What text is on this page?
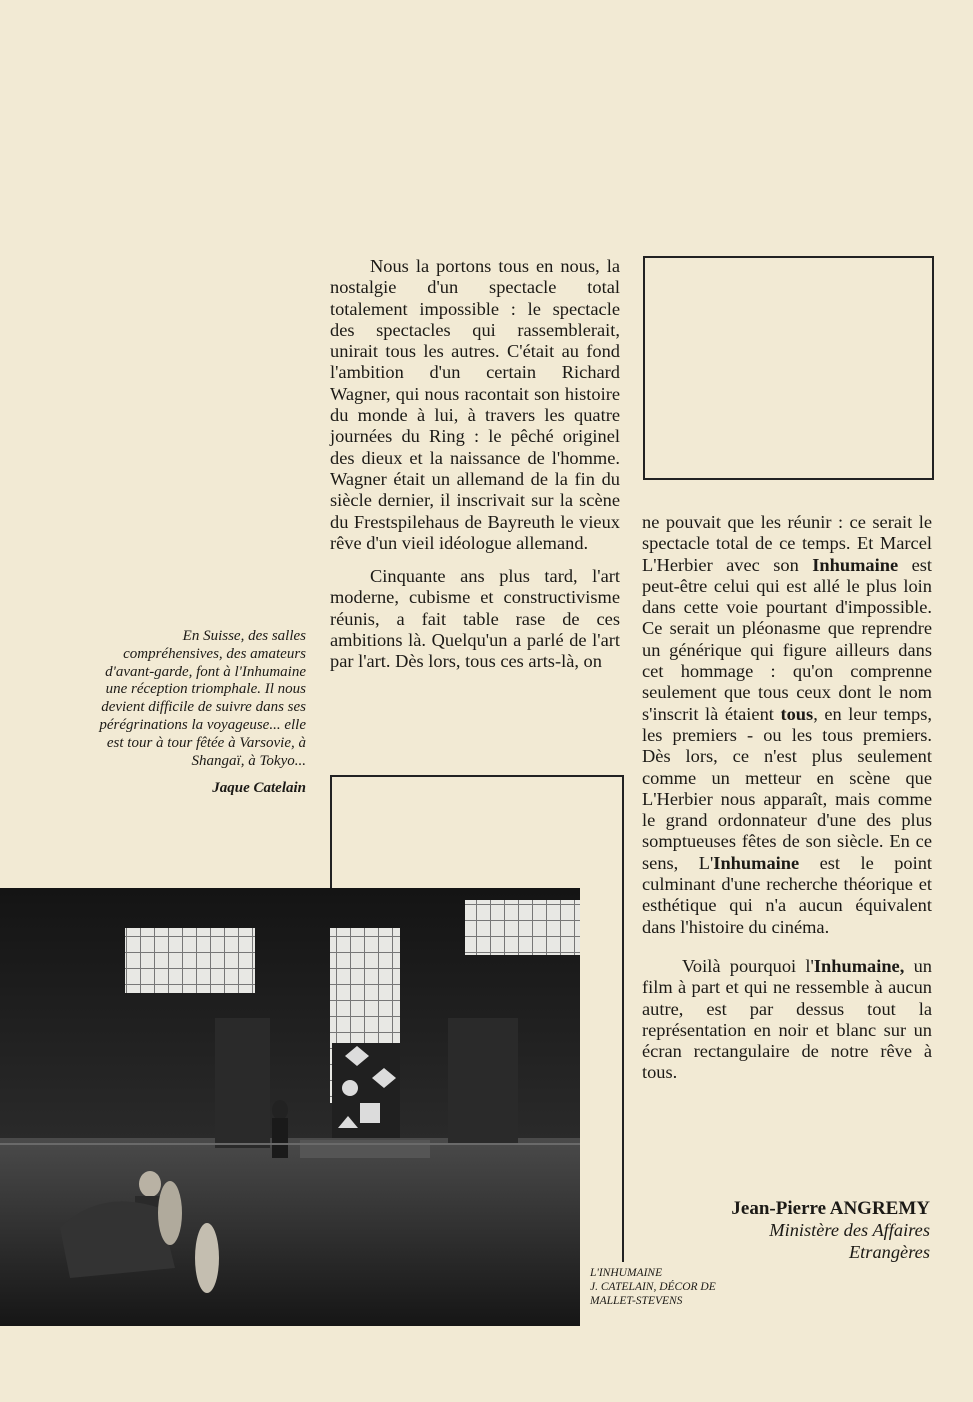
Nous la portons tous en nous, la nostalgie d'un spectacle total totalement impossible : le spectacle des spectacles qui rassemblerait, unirait tous les autres. C'était au fond l'ambition d'un certain Richard Wagner, qui nous racontait son histoire du monde à lui, à travers les quatre journées du Ring : le pêché originel des dieux et la naissance de l'homme. Wagner était un allemand de la fin du siècle dernier, il inscrivait sur la scène du Frestspilehaus de Bayreuth le vieux rêve d'un vieil idéologue allemand.

Cinquante ans plus tard, l'art moderne, cubisme et constructivisme réunis, a fait table rase de ces ambitions là. Quelqu'un a parlé de l'art par l'art. Dès lors, tous ces arts-là, on

ne pouvait que les réunir : ce serait le spectacle total de ce temps. Et Marcel L'Herbier avec son Inhumaine est peut-être celui qui est allé le plus loin dans cette voie pourtant d'impossible. Ce serait un pléonasme que reprendre un générique qui figure ailleurs dans cet hommage : qu'on comprenne seulement que tous ceux dont le nom s'inscrit là étaient tous, en leur temps, les premiers - ou les tous premiers. Dès lors, ce n'est plus seulement comme un metteur en scène que L'Herbier nous apparaît, mais comme le grand ordonnateur d'une des plus somptueuses fêtes de son siècle. En ce sens, L'Inhumaine est le point culminant d'une recherche théorique et esthétique qui n'a aucun équivalent dans l'histoire du cinéma.

Voilà pourquoi l'Inhumaine, un film à part et qui ne ressemble à aucun autre, est par dessus tout la représentation en noir et blanc sur un écran rectangulaire de notre rêve à tous.

Jean-Pierre ANGREMY
Ministère des Affaires
Etrangères
En Suisse, des salles compréhensives, des amateurs d'avant-garde, font à l'Inhumaine une réception triomphale. Il nous devient difficile de suivre dans ses pérégrinations la voyageuse... elle est tour à tour fêtée à Varsovie, à Shangaï, à Tokyo...
Jaque Catelain
L'INHUMAINE
J. CATELAIN, DÉCOR DE
MALLET-STEVENS
